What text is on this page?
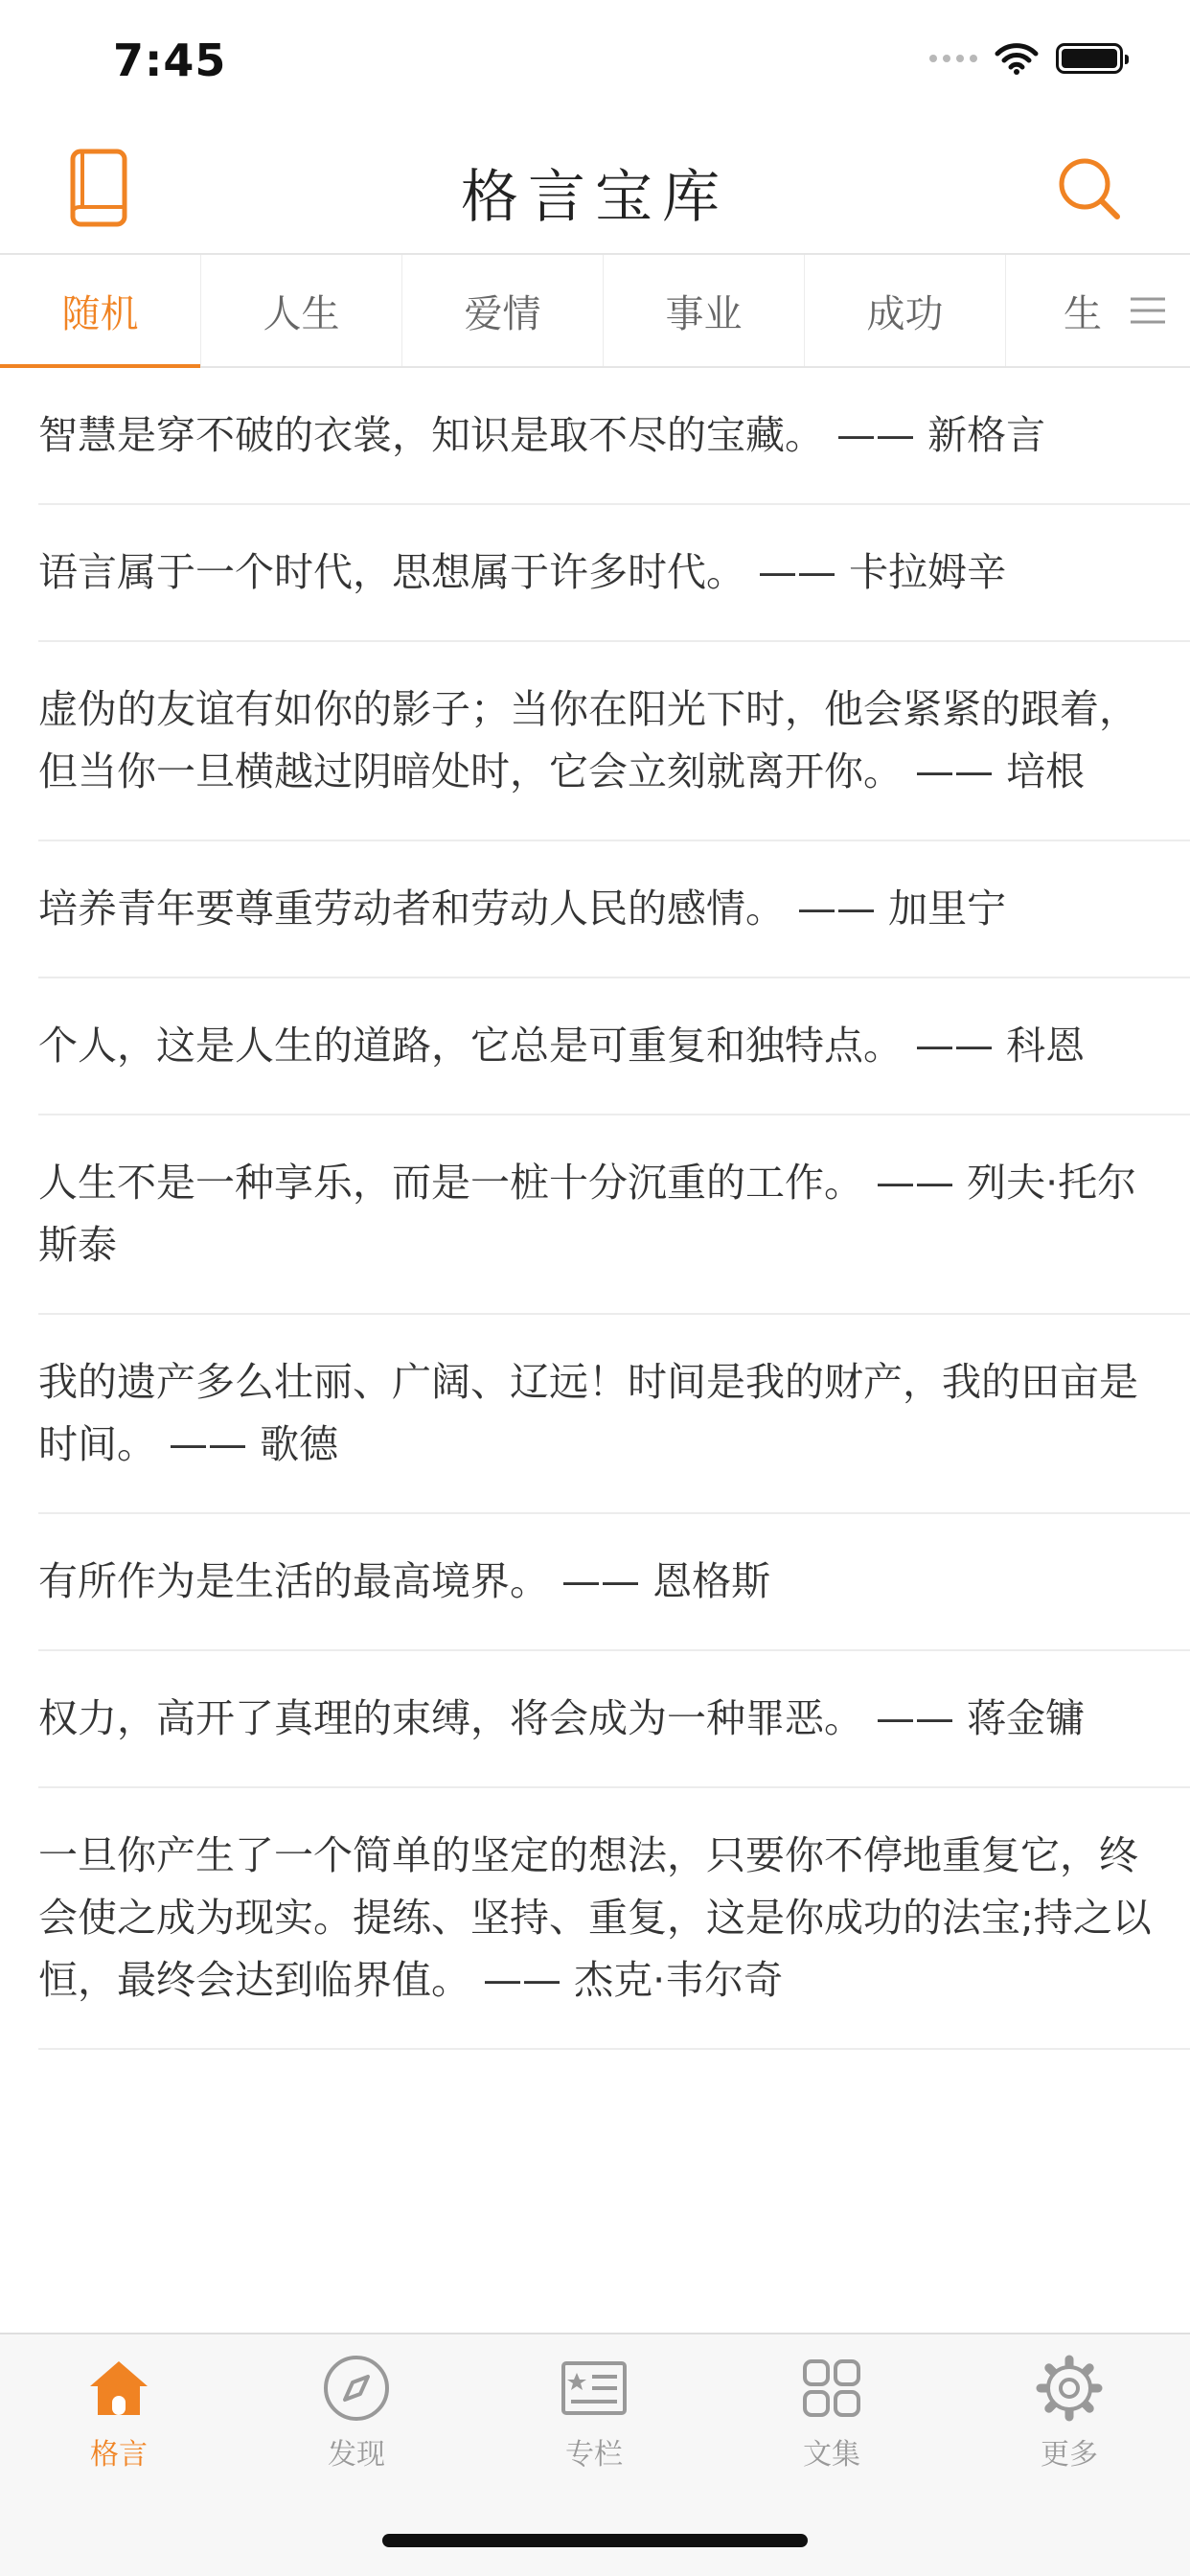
7:45
格言宝库
随机	人生	爱情	事业	成功	生
智慧是穿不破的衣裳，知识是取不尽的宝藏。 —— 新格言
语言属于一个时代，思想属于许多时代。 —— 卡拉姆辛
虚伪的友谊有如你的影子；当你在阳光下时，他会紧紧的跟着，但当你一旦横越过阴暗处时，它会立刻就离开你。 —— 培根
培养青年要尊重劳动者和劳动人民的感情。 —— 加里宁
个人，这是人生的道路，它总是可重复和独特点。 —— 科恩
人生不是一种享乐，而是一桩十分沉重的工作。 —— 列夫·托尔斯泰
我的遗产多么壮丽、广阔、辽远！时间是我的财产，我的田亩是时间。 —— 歌德
有所作为是生活的最高境界。 —— 恩格斯
权力，高开了真理的束缚，将会成为一种罪恶。 —— 蒋金镛
一旦你产生了一个简单的坚定的想法，只要你不停地重复它，终会使之成为现实。提练、坚持、重复，这是你成功的法宝;持之以恒，最终会达到临界值。 —— 杰克·韦尔奇
格言	发现	专栏	文集	更多
